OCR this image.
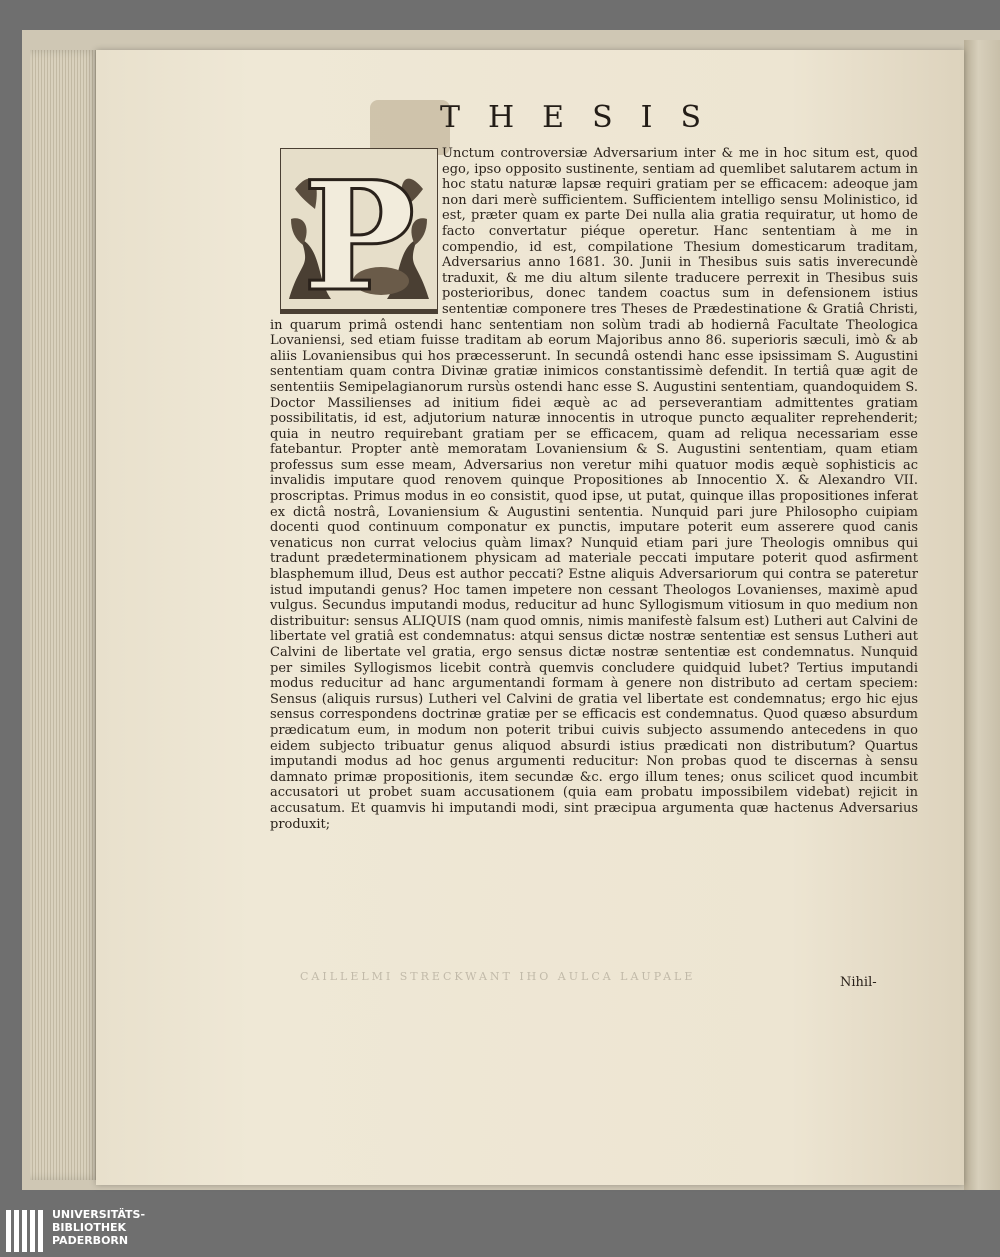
THESIS
P	Unctum controversiæ Adversarium inter & me in hoc situm est, quod ego, ipso opposito sustinente, sentiam ad quemlibet salutarem actum in hoc statu naturæ lapsæ requiri gratiam per se efficacem: adeoque jam non dari merè sufficientem. Sufficientem intelligo sensu Molinistico, id est, præter quam ex parte Dei nulla alia gratia requiratur, ut homo de facto convertatur piéque operetur. Hanc sententiam à me in compendio, id est, compilatione Thesium domesticarum traditam, Adversarius anno 1681. 30. Junii in Thesibus suis satis inverecundè traduxit, & me diu altum silente traducere perrexit in Thesibus suis posterioribus, donec tandem coactus sum in defensionem istius sententiæ componere tres Theses de Prædestinatione & Gratiâ Christi, in quarum primâ ostendi hanc sententiam non solùm tradi ab hodiernâ Facultate Theologica Lovaniensi, sed etiam fuisse traditam ab eorum Majoribus anno 86. superioris sæculi, imò & ab aliis Lovaniensibus qui hos præcesserunt. In secundâ ostendi hanc esse ipsissimam S. Augustini sententiam quam contra Divinæ gratiæ inimicos constantissimè defendit. In tertiâ quæ agit de sententiis Semipelagianorum rursùs ostendi hanc esse S. Augustini sententiam, quandoquidem S. Doctor Massilienses ad initium fidei æquè ac ad perseverantiam admittentes gratiam possibilitatis, id est, adjutorium naturæ innocentis in utroque puncto æqualiter reprehenderit; quia in neutro requirebant gratiam per se efficacem, quam ad reliqua necessariam esse fatebantur. Propter antè memoratam Lovaniensium & S. Augustini sententiam, quam etiam professus sum esse meam, Adversarius non veretur mihi quatuor modis æquè sophisticis ac invalidis imputare quod renovem quinque Propositiones ab Innocentio X. & Alexandro VII. proscriptas. Primus modus in eo consistit, quod ipse, ut putat, quinque illas propositiones inferat ex dictâ nostrâ, Lovaniensium & Augustini sententia. Nunquid pari jure Philosopho cuipiam docenti quod continuum componatur ex punctis, imputare poterit eum asserere quod canis venaticus non currat velocius quàm limax? Nunquid etiam pari jure Theologis omnibus qui tradunt prædeterminationem physicam ad materiale peccati imputare poterit quod asfirment blasphemum illud, Deus est author peccati? Estne aliquis Adversariorum qui contra se pateretur istud imputandi genus? Hoc tamen impetere non cessant Theologos Lovanienses, maximè apud vulgus. Secundus imputandi modus, reducitur ad hunc Syllogismum vitiosum in quo medium non distribuitur: sensus ALIQUIS (nam quod omnis, nimis manifestè falsum est) Lutheri aut Calvini de libertate vel gratiâ est condemnatus: atqui sensus dictæ nostræ sententiæ est sensus Lutheri aut Calvini de libertate vel gratia, ergo sensus dictæ nostræ sententiæ est condemnatus. Nunquid per similes Syllogismos licebit contrà quemvis concludere quidquid lubet? Tertius imputandi modus reducitur ad hanc argumentandi formam à genere non distributo ad certam speciem: Sensus (aliquis rursus) Lutheri vel Calvini de gratia vel libertate est condemnatus; ergo hic ejus sensus correspondens doctrinæ gratiæ per se efficacis est condemnatus. Quod quæso absurdum prædicatum eum, in modum non poterit tribui cuivis subjecto assumendo antecedens in quo eidem subjecto tribuatur genus aliquod absurdi istius prædicati non distributum? Quartus imputandi modus ad hoc genus argumenti reducitur: Non probas quod te discernas à sensu damnato primæ propositionis, item secundæ &c. ergo illum tenes; onus scilicet quod incumbit accusatori ut probet suam accusationem (quia eam probatu impossibilem videbat) rejicit in accusatum. Et quamvis hi imputandi modi, sint præcipua argumenta quæ hactenus Adversarius produxit;

CAILLELMI STRECKWANT IHO AULCA LAUPALE	Nihil-
UNIVERSITÄTS-
BIBLIOTHEK
PADERBORN
